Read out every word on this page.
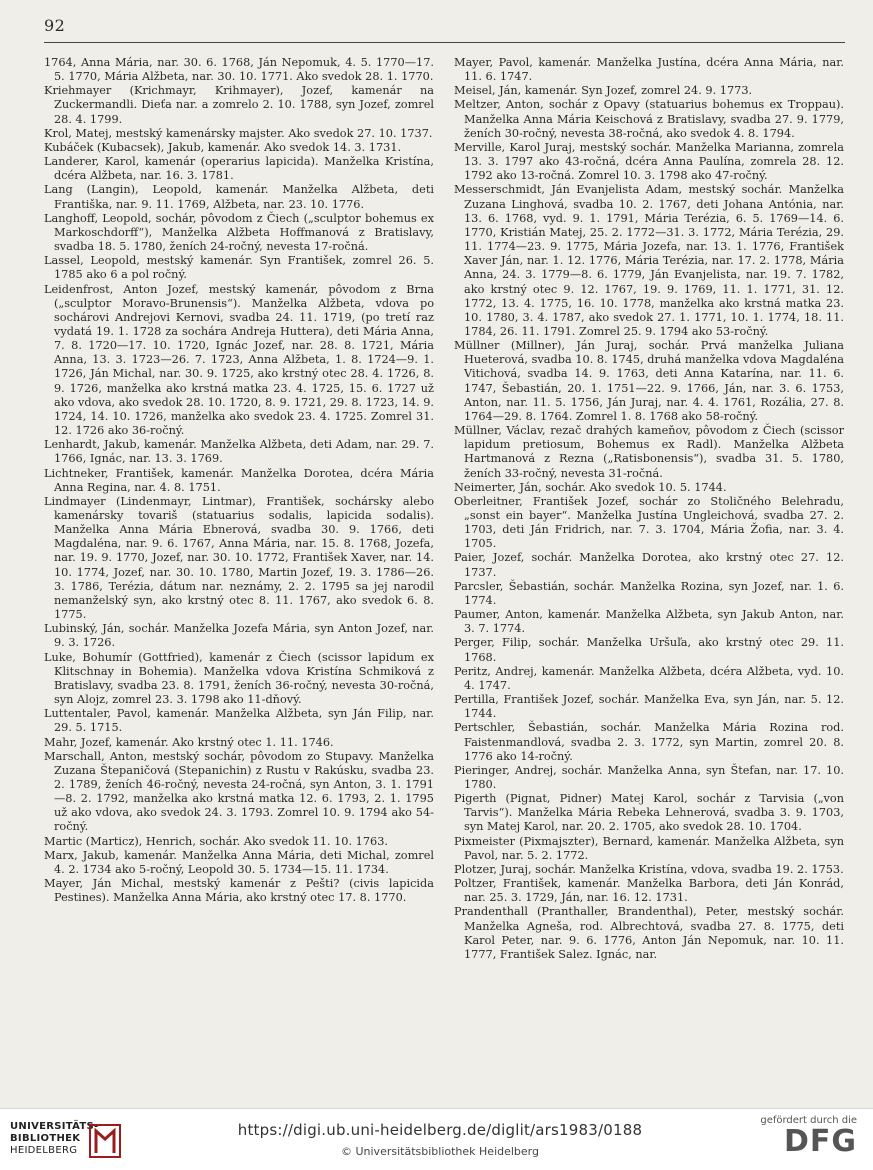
92

1764, Anna Mária, nar. 30. 6. 1768, Ján Nepomuk, 4. 5. 1770—17. 5. 1770, Mária Alžbeta, nar. 30. 10. 1771. Ako svedok 28. 1. 1770.

Kriehmayer (Krichmayr, Krihmayer), Jozef, kamenár na Zuckermandli. Dieťa nar. a zomrelo 2. 10. 1788, syn Jozef, zomrel 28. 4. 1799.

Krol, Matej, mestský kamenársky majster. Ako svedok 27. 10. 1737.

Kubáček (Kubacsek), Jakub, kamenár. Ako svedok 14. 3. 1731.

Landerer, Karol, kamenár (operarius lapicida). Manželka Kristína, dcéra Alžbeta, nar. 16. 3. 1781.

Lang (Langin), Leopold, kamenár. Manželka Alžbeta, deti Františka, nar. 9. 11. 1769, Alžbeta, nar. 23. 10. 1776.

Langhoff, Leopold, sochár, pôvodom z Čiech („sculptor bohemus ex Markoschdorff“), Manželka Alžbeta Hoffmanová z Bratislavy, svadba 18. 5. 1780, ženích 24-ročný, nevesta 17-ročná.

Lassel, Leopold, mestský kamenár. Syn František, zomrel 26. 5. 1785 ako 6 a pol ročný.

Leidenfrost, Anton Jozef, mestský kamenár, pôvodom z Brna („sculptor Moravo-Brunensis“). Manželka Alžbeta, vdova po sochárovi Andrejovi Kernovi, svadba 24. 11. 1719, (po tretí raz vydatá 19. 1. 1728 za sochára Andreja Huttera), deti Mária Anna, 7. 8. 1720—17. 10. 1720, Ignác Jozef, nar. 28. 8. 1721, Mária Anna, 13. 3. 1723—26. 7. 1723, Anna Alžbeta, 1. 8. 1724—9. 1. 1726, Ján Michal, nar. 30. 9. 1725, ako krstný otec 28. 4. 1726, 8. 9. 1726, manželka ako krstná matka 23. 4. 1725, 15. 6. 1727 už ako vdova, ako svedok 28. 10. 1720, 8. 9. 1721, 29. 8. 1723, 14. 9. 1724, 14. 10. 1726, manželka ako svedok 23. 4. 1725. Zomrel 31. 12. 1726 ako 36-ročný.

Lenhardt, Jakub, kamenár. Manželka Alžbeta, deti Adam, nar. 29. 7. 1766, Ignác, nar. 13. 3. 1769.

Lichtneker, František, kamenár. Manželka Dorotea, dcéra Mária Anna Regina, nar. 4. 8. 1751.

Lindmayer (Lindenmayr, Lintmar), František, sochársky alebo kamenársky tovariš (statuarius sodalis, lapicida sodalis). Manželka Anna Mária Ebnerová, svadba 30. 9. 1766, deti Magdaléna, nar. 9. 6. 1767, Anna Mária, nar. 15. 8. 1768, Jozefa, nar. 19. 9. 1770, Jozef, nar. 30. 10. 1772, František Xaver, nar. 14. 10. 1774, Jozef, nar. 30. 10. 1780, Martin Jozef, 19. 3. 1786—26. 3. 1786, Terézia, dátum nar. neznámy, 2. 2. 1795 sa jej narodil nemanželský syn, ako krstný otec 8. 11. 1767, ako svedok 6. 8. 1775.

Lubinský, Ján, sochár. Manželka Jozefa Mária, syn Anton Jozef, nar. 9. 3. 1726.

Luke, Bohumír (Gottfried), kamenár z Čiech (scissor lapidum ex Klitschnay in Bohemia). Manželka vdova Kristína Schmiková z Bratislavy, svadba 23. 8. 1791, ženích 36-ročný, nevesta 30-ročná, syn Alojz, zomrel 23. 3. 1798 ako 11-dňový.

Luttentaler, Pavol, kamenár. Manželka Alžbeta, syn Ján Filip, nar. 29. 5. 1715.

Mahr, Jozef, kamenár. Ako krstný otec 1. 11. 1746.

Marschall, Anton, mestský sochár, pôvodom zo Stupavy. Manželka Zuzana Štepaničová (Stepanichin) z Rustu v Rakúsku, svadba 23. 2. 1789, ženích 46-ročný, nevesta 24-ročná, syn Anton, 3. 1. 1791—8. 2. 1792, manželka ako krstná matka 12. 6. 1793, 2. 1. 1795 už ako vdova, ako svedok 24. 3. 1793. Zomrel 10. 9. 1794 ako 54-ročný.

Martic (Marticz), Henrich, sochár. Ako svedok 11. 10. 1763.

Marx, Jakub, kamenár. Manželka Anna Mária, deti Michal, zomrel 4. 2. 1734 ako 5-ročný, Leopold 30. 5. 1734—15. 11. 1734.

Mayer, Ján Michal, mestský kamenár z Pešti? (civis lapicida Pestines). Manželka Anna Mária, ako krstný otec 17. 8. 1770.

Mayer, Pavol, kamenár. Manželka Justína, dcéra Anna Mária, nar. 11. 6. 1747.

Meisel, Ján, kamenár. Syn Jozef, zomrel 24. 9. 1773.

Meltzer, Anton, sochár z Opavy (statuarius bohemus ex Troppau). Manželka Anna Mária Keischová z Bratislavy, svadba 27. 9. 1779, ženích 30-ročný, nevesta 38-ročná, ako svedok 4. 8. 1794.

Merville, Karol Juraj, mestský sochár. Manželka Marianna, zomrela 13. 3. 1797 ako 43-ročná, dcéra Anna Paulína, zomrela 28. 12. 1792 ako 13-ročná. Zomrel 10. 3. 1798 ako 47-ročný.

Messerschmidt, Ján Evanjelista Adam, mestský sochár. Manželka Zuzana Linghová, svadba 10. 2. 1767, deti Johana Antónia, nar. 13. 6. 1768, vyd. 9. 1. 1791, Mária Terézia, 6. 5. 1769—14. 6. 1770, Kristián Matej, 25. 2. 1772—31. 3. 1772, Mária Terézia, 29. 11. 1774—23. 9. 1775, Mária Jozefa, nar. 13. 1. 1776, František Xaver Ján, nar. 1. 12. 1776, Mária Terézia, nar. 17. 2. 1778, Mária Anna, 24. 3. 1779—8. 6. 1779, Ján Evanjelista, nar. 19. 7. 1782, ako krstný otec 9. 12. 1767, 19. 9. 1769, 11. 1. 1771, 31. 12. 1772, 13. 4. 1775, 16. 10. 1778, manželka ako krstná matka 23. 10. 1780, 3. 4. 1787, ako svedok 27. 1. 1771, 10. 1. 1774, 18. 11. 1784, 26. 11. 1791. Zomrel 25. 9. 1794 ako 53-ročný.

Müllner (Millner), Ján Juraj, sochár. Prvá manželka Juliana Hueterová, svadba 10. 8. 1745, druhá manželka vdova Magdaléna Vitichová, svadba 14. 9. 1763, deti Anna Katarína, nar. 11. 6. 1747, Šebastián, 20. 1. 1751—22. 9. 1766, Ján, nar. 3. 6. 1753, Anton, nar. 11. 5. 1756, Ján Juraj, nar. 4. 4. 1761, Rozália, 27. 8. 1764—29. 8. 1764. Zomrel 1. 8. 1768 ako 58-ročný.

Müllner, Václav, rezač drahých kameňov, pôvodom z Čiech (scissor lapidum pretiosum, Bohemus ex Radl). Manželka Alžbeta Hartmanová z Rezna („Ratisbonensis“), svadba 31. 5. 1780, ženích 33-ročný, nevesta 31-ročná.

Neimerter, Ján, sochár. Ako svedok 10. 5. 1744.

Oberleitner, František Jozef, sochár zo Stoličného Belehradu, „sonst ein bayer“. Manželka Justína Ungleichová, svadba 27. 2. 1703, deti Ján Fridrich, nar. 7. 3. 1704, Mária Žofia, nar. 3. 4. 1705.

Paier, Jozef, sochár. Manželka Dorotea, ako krstný otec 27. 12. 1737.

Parcsler, Šebastián, sochár. Manželka Rozina, syn Jozef, nar. 1. 6. 1774.

Paumer, Anton, kamenár. Manželka Alžbeta, syn Jakub Anton, nar. 3. 7. 1774.

Perger, Filip, sochár. Manželka Uršuľa, ako krstný otec 29. 11. 1768.

Peritz, Andrej, kamenár. Manželka Alžbeta, dcéra Alžbeta, vyd. 10. 4. 1747.

Pertilla, František Jozef, sochár. Manželka Eva, syn Ján, nar. 5. 12. 1744.

Pertschler, Šebastián, sochár. Manželka Mária Rozina rod. Faistenmandlová, svadba 2. 3. 1772, syn Martin, zomrel 20. 8. 1776 ako 14-ročný.

Pieringer, Andrej, sochár. Manželka Anna, syn Štefan, nar. 17. 10. 1780.

Pigerth (Pignat, Pidner) Matej Karol, sochár z Tarvisia („von Tarvis“). Manželka Mária Rebeka Lehnerová, svadba 3. 9. 1703, syn Matej Karol, nar. 20. 2. 1705, ako svedok 28. 10. 1704.

Pixmeister (Pixmajszter), Bernard, kamenár. Manželka Alžbeta, syn Pavol, nar. 5. 2. 1772.

Plotzer, Juraj, sochár. Manželka Kristína, vdova, svadba 19. 2. 1753.

Poltzer, František, kamenár. Manželka Barbora, deti Ján Konrád, nar. 25. 3. 1729, Ján, nar. 16. 12. 1731.

Prandenthall (Pranthaller, Brandenthal), Peter, mestský sochár. Manželka Agneša, rod. Albrechtová, svadba 27. 8. 1775, deti Karol Peter, nar. 9. 6. 1776, Anton Ján Nepomuk, nar. 10. 11. 1777, František Salez. Ignác, nar.

UNIVERSITÄTS-
BIBLIOTHEK
HEIDELBERG
https://digi.ub.uni-heidelberg.de/diglit/ars1983/0188
© Universitätsbibliothek Heidelberg
gefördert durch die
DFG
